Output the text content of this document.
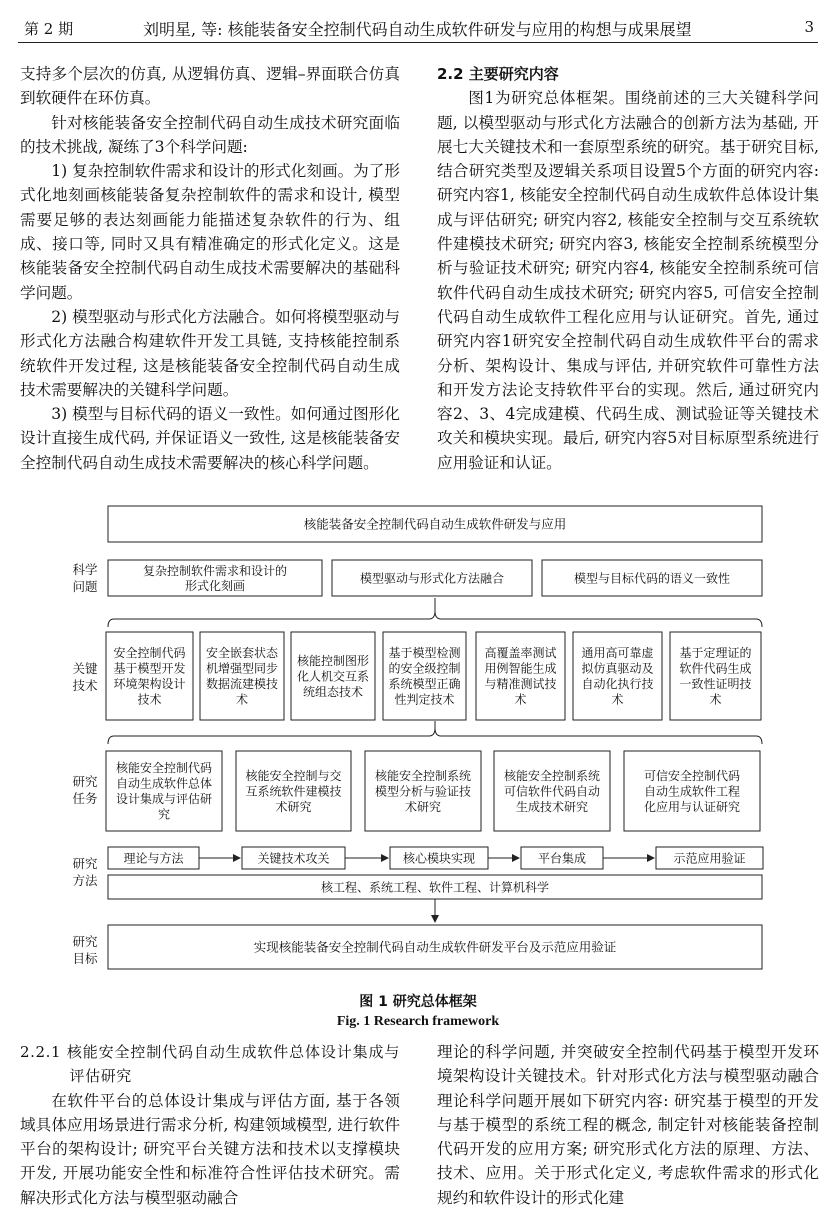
第 2 期	刘明星, 等: 核能装备安全控制代码自动生成软件研发与应用的构想与成果展望	3

支持多个层次的仿真, 从逻辑仿真、逻辑–界面联合仿真到软硬件在环仿真。

针对核能装备安全控制代码自动生成技术研究面临的技术挑战, 凝练了3个科学问题:

1) 复杂控制软件需求和设计的形式化刻画。为了形式化地刻画核能装备复杂控制软件的需求和设计, 模型需要足够的表达刻画能力能描述复杂软件的行为、组成、接口等, 同时又具有精准确定的形式化定义。这是核能装备安全控制代码自动生成技术需要解决的基础科学问题。

2) 模型驱动与形式化方法融合。如何将模型驱动与形式化方法融合构建软件开发工具链, 支持核能控制系统软件开发过程, 这是核能装备安全控制代码自动生成技术需要解决的关键科学问题。

3) 模型与目标代码的语义一致性。如何通过图形化设计直接生成代码, 并保证语义一致性, 这是核能装备安全控制代码自动生成技术需要解决的核心科学问题。

2.2 主要研究内容

图1为研究总体框架。围绕前述的三大关键科学问题, 以模型驱动与形式化方法融合的创新方法为基础, 开展七大关键技术和一套原型系统的研究。基于研究目标, 结合研究类型及逻辑关系项目设置5个方面的研究内容: 研究内容1, 核能安全控制代码自动生成软件总体设计集成与评估研究; 研究内容2, 核能安全控制与交互系统软件建模技术研究; 研究内容3, 核能安全控制系统模型分析与验证技术研究; 研究内容4, 核能安全控制系统可信软件代码自动生成技术研究; 研究内容5, 可信安全控制代码自动生成软件工程化应用与认证研究。首先, 通过研究内容1研究安全控制代码自动生成软件平台的需求分析、架构设计、集成与评估, 并研究软件可靠性方法和开发方法论支持软件平台的实现。然后, 通过研究内容2、3、4完成建模、代码生成、测试验证等关键技术攻关和模块实现。最后, 研究内容5对目标原型系统进行应用验证和认证。

核能装备安全控制代码自动生成软件研发与应用
科学
问题
关键
技术
研究
任务
研究
方法
研究
目标
复杂控制软件需求和设计的
形式化刻画
模型驱动与形式化方法融合	模型与目标代码的语义一致性
安全控制代码
基于模型开发
环境架构设计
技术
安全嵌套状态
机增强型同步
数据流建模技
术
核能控制图形
化人机交互系
统组态技术
基于模型检测
的安全级控制
系统模型正确
性判定技术
高覆盖率测试
用例智能生成
与精准测试技
术
通用高可靠虚
拟仿真驱动及
自动化执行技
术
基于定理证的
软件代码生成
一致性证明技
术
核能安全控制代码
自动生成软件总体
设计集成与评估研
究
核能安全控制与交
互系统软件建模技
术研究
核能安全控制系统
模型分析与验证技
术研究
核能安全控制系统
可信软件代码自动
生成技术研究
可信安全控制代码
自动生成软件工程
化应用与认证研究
理论与方法	关键技术攻关	核心模块实现	平台集成	示范应用验证
核工程、系统工程、软件工程、计算机科学
实现核能装备安全控制代码自动生成软件研发平台及示范应用验证
图 1 研究总体框架
Fig. 1 Research framework

2.2.1 核能安全控制代码自动生成软件总体设计集成与评估研究

在软件平台的总体设计集成与评估方面, 基于各领域具体应用场景进行需求分析, 构建领域模型, 进行软件平台的架构设计; 研究平台关键方法和技术以支撑模块开发, 开展功能安全性和标准符合性评估技术研究。需解决形式化方法与模型驱动融合

理论的科学问题, 并突破安全控制代码基于模型开发环境架构设计关键技术。针对形式化方法与模型驱动融合理论科学问题开展如下研究内容: 研究基于模型的开发与基于模型的系统工程的概念, 制定针对核能装备控制代码开发的应用方案; 研究形式化方法的原理、方法、技术、应用。关于形式化定义, 考虑软件需求的形式化规约和软件设计的形式化建
